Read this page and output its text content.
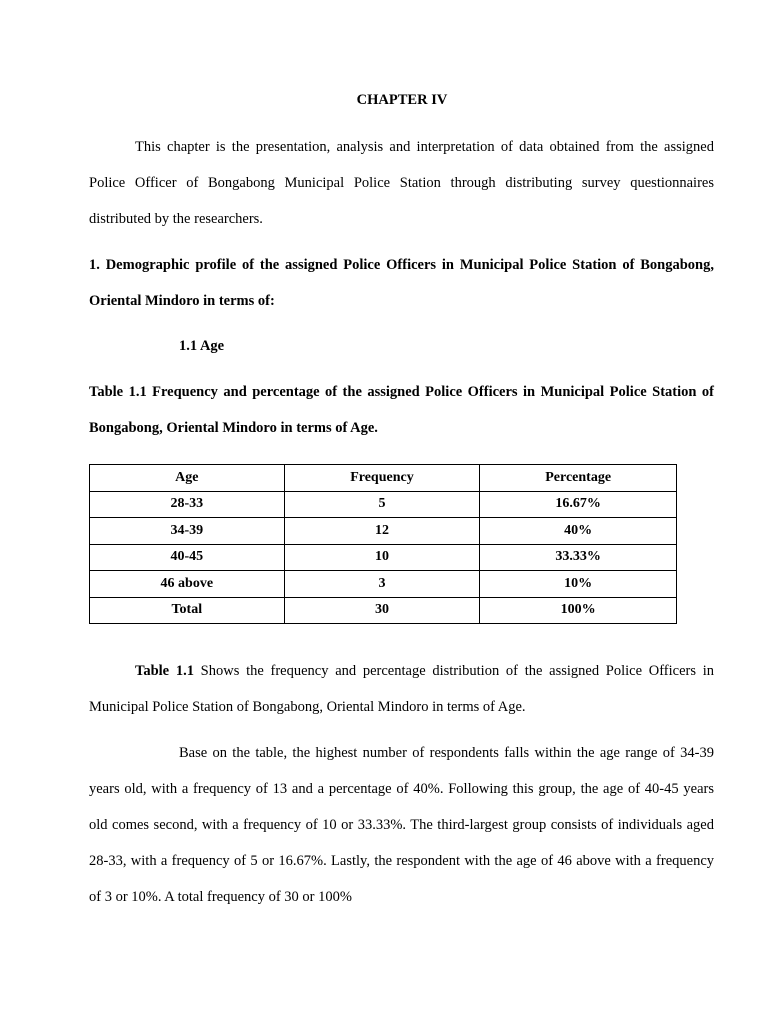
CHAPTER IV

This chapter is the presentation, analysis and interpretation of data obtained from the assigned Police Officer of Bongabong Municipal Police Station through distributing survey questionnaires distributed by the researchers.

1. Demographic profile of the assigned Police Officers in Municipal Police Station of Bongabong, Oriental Mindoro in terms of:

1.1 Age

Table 1.1 Frequency and percentage of the assigned Police Officers in Municipal Police Station of Bongabong, Oriental Mindoro in terms of Age.

Age	Frequency	Percentage
28-33	5	16.67%
34-39	12	40%
40-45	10	33.33%
46 above	3	10%
Total	30	100%

Table 1.1 Shows the frequency and percentage distribution of the assigned Police Officers in Municipal Police Station of Bongabong, Oriental Mindoro in terms of Age.

Base on the table, the highest number of respondents falls within the age range of 34-39 years old, with a frequency of 13 and a percentage of 40%. Following this group, the age of 40-45 years old comes second, with a frequency of 10 or 33.33%. The third-largest group consists of individuals aged 28-33, with a frequency of 5 or 16.67%. Lastly, the respondent with the age of 46 above with a frequency of 3 or 10%. A total frequency of 30 or 100%
